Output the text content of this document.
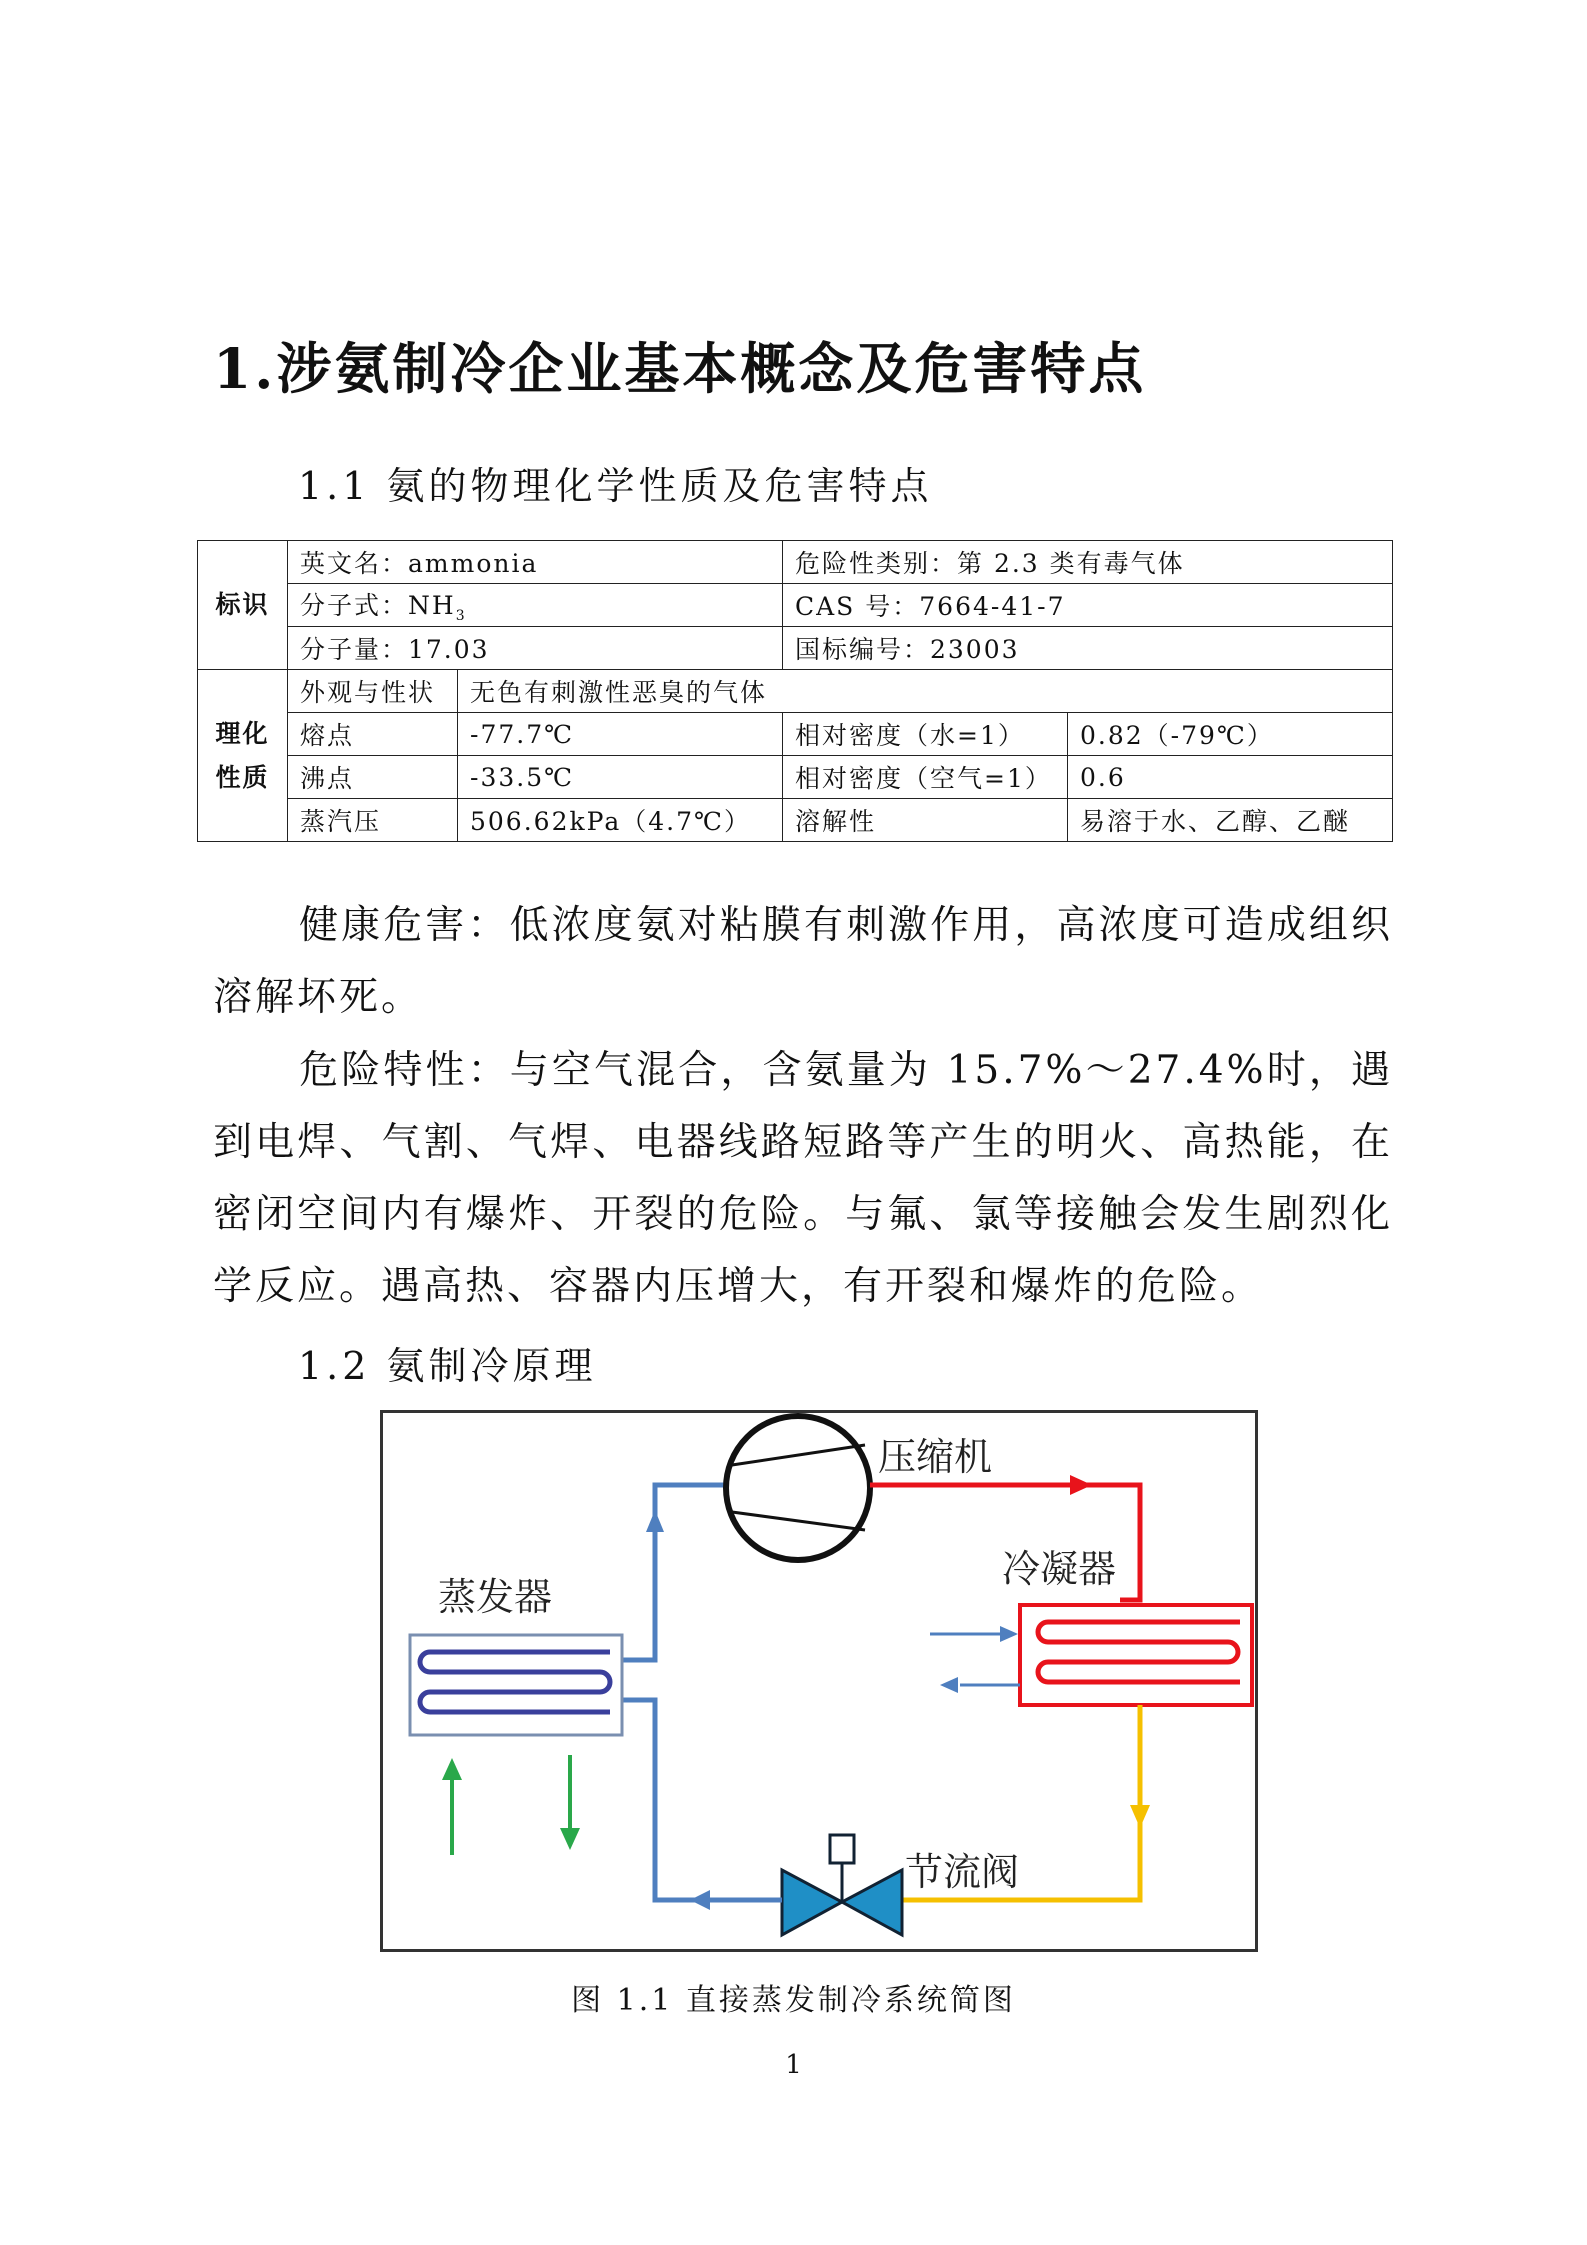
1.涉氨制冷企业基本概念及危害特点
1.1 氨的物理化学性质及危害特点
标识	英文名：ammonia		危险性类别：第 2.3 类有毒气体	
	分子式：$NH_3$		CAS 号：7664-41-7	
	分子量：17.03		国标编号：23003	
理化性质	外观与性状	无色有刺激性恶臭的气体		
	熔点	-77.7℃	相对密度（水=1）	0.82（-79℃）
	沸点	-33.5℃	相对密度（空气=1）	0.6
	蒸汽压	506.62kPa（4.7℃）	溶解性	易溶于水、乙醇、乙醚
健康危害：低浓度氨对粘膜有刺激作用，高浓度可造成组织溶解坏死。
危险特性：与空气混合，含氨量为 15.7%～27.4%时，遇到电焊、气割、气焊、电器线路短路等产生的明火、高热能，在密闭空间内有爆炸、开裂的危险。与氟、氯等接触会发生剧烈化学反应。遇高热、容器内压增大，有开裂和爆炸的危险。
1.2 氨制冷原理
压缩机
冷凝器
节流阀
蒸发器
图 1.1 直接蒸发制冷系统简图
1
